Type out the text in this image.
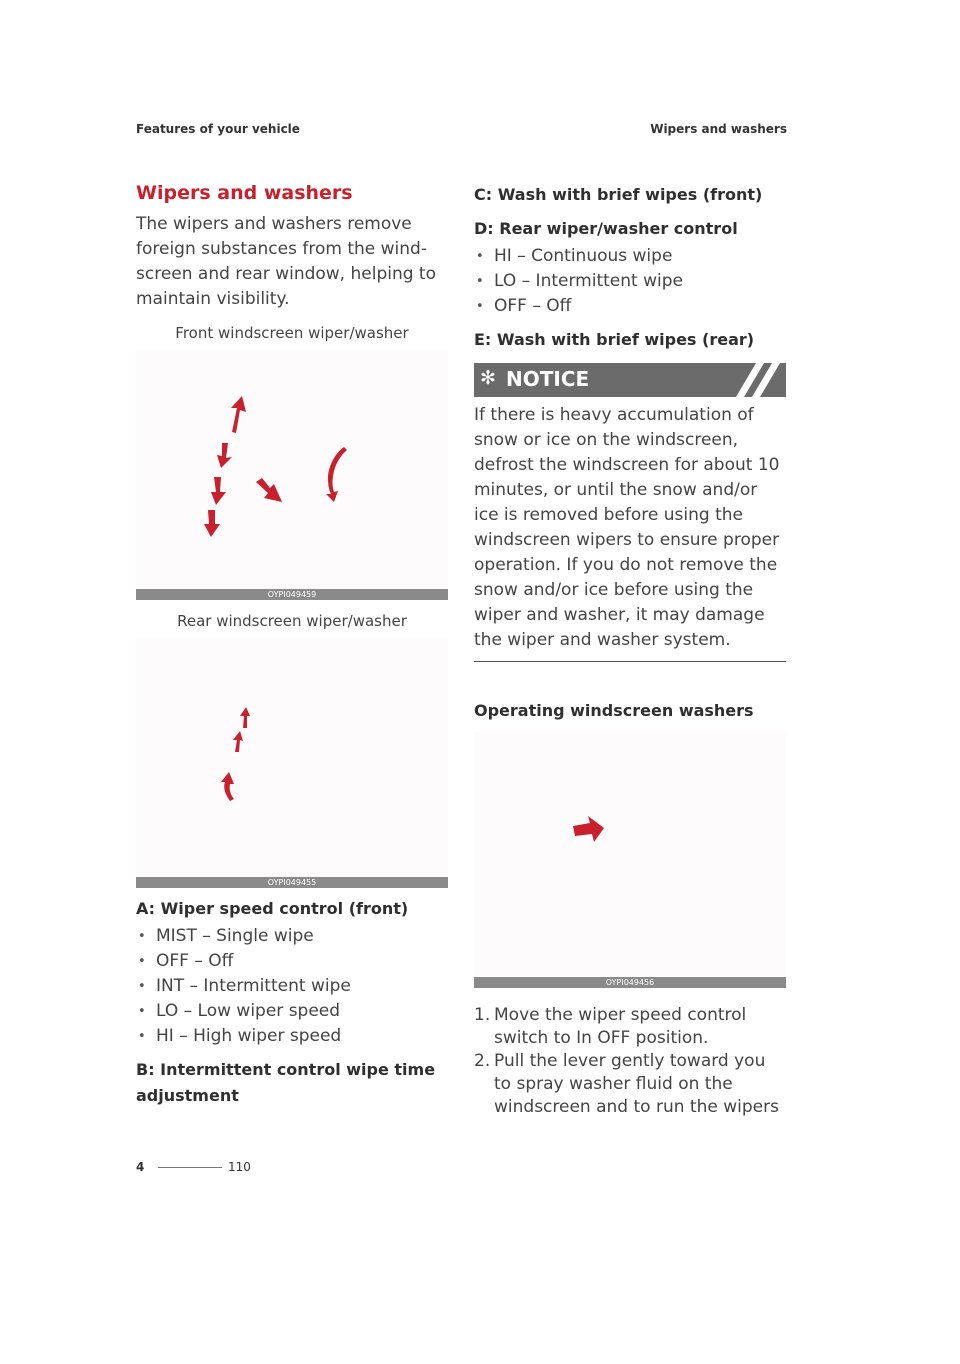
Features of your vehicle	Wipers and washers
Wipers and washers

The wipers and washers remove foreign substances from the wind-screen and rear window, helping to maintain visibility.

Front windscreen wiper/washer
OYPI049459
Rear windscreen wiper/washer
OYPI049455
A: Wiper speed control (front)
• MIST – Single wipe
• OFF – Off
• INT – Intermittent wipe
• LO – Low wiper speed
• HI – High wiper speed
B: Intermittent control wipe time adjustment
C: Wash with brief wipes (front)
D: Rear wiper/washer control
• HI – Continuous wipe
• LO – Intermittent wipe
• OFF – Off
E: Wash with brief wipes (rear)
✻ NOTICE

If there is heavy accumulation of snow or ice on the windscreen, defrost the windscreen for about 10 minutes, or until the snow and/or ice is removed before using the windscreen wipers to ensure proper operation. If you do not remove the snow and/or ice before using the wiper and washer, it may damage the wiper and washer system.

Operating windscreen washers
OYPI049456
1. Move the wiper speed control switch to In OFF position.
2. Pull the lever gently toward you to spray washer fluid on the windscreen and to run the wipers
4	110
